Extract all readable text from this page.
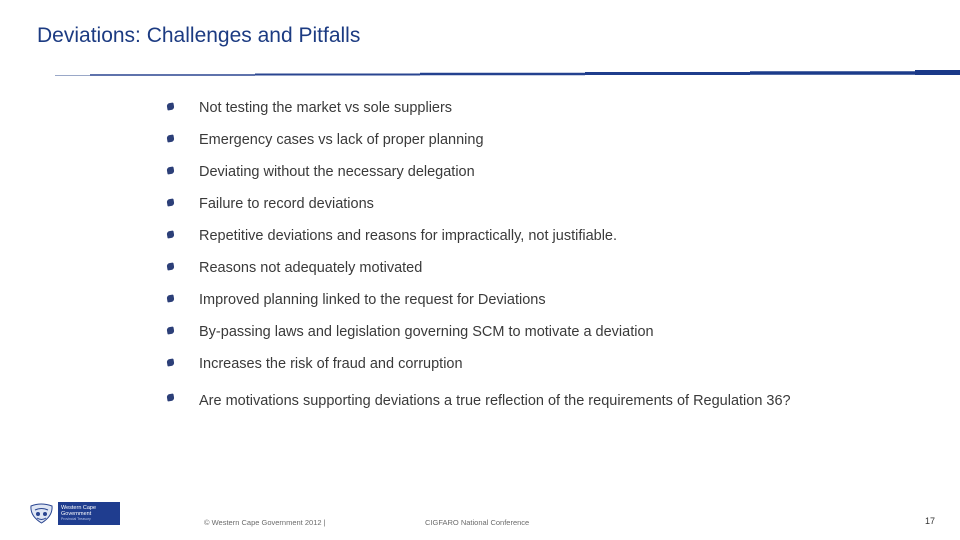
Deviations: Challenges and Pitfalls
Not testing the market vs sole suppliers
Emergency cases vs lack of proper planning
Deviating without the necessary delegation
Failure to record deviations
Repetitive deviations and reasons for impractically, not justifiable.
Reasons not adequately motivated
Improved planning linked to the request for Deviations
By-passing laws and legislation governing SCM to motivate a deviation
Increases the risk of fraud and corruption
Are motivations supporting deviations a true reflection of the requirements of Regulation 36?
Western Cape
Government
Provincial Treasury	© Western Cape Government 2012 |	CIGFARO National Conference	17
